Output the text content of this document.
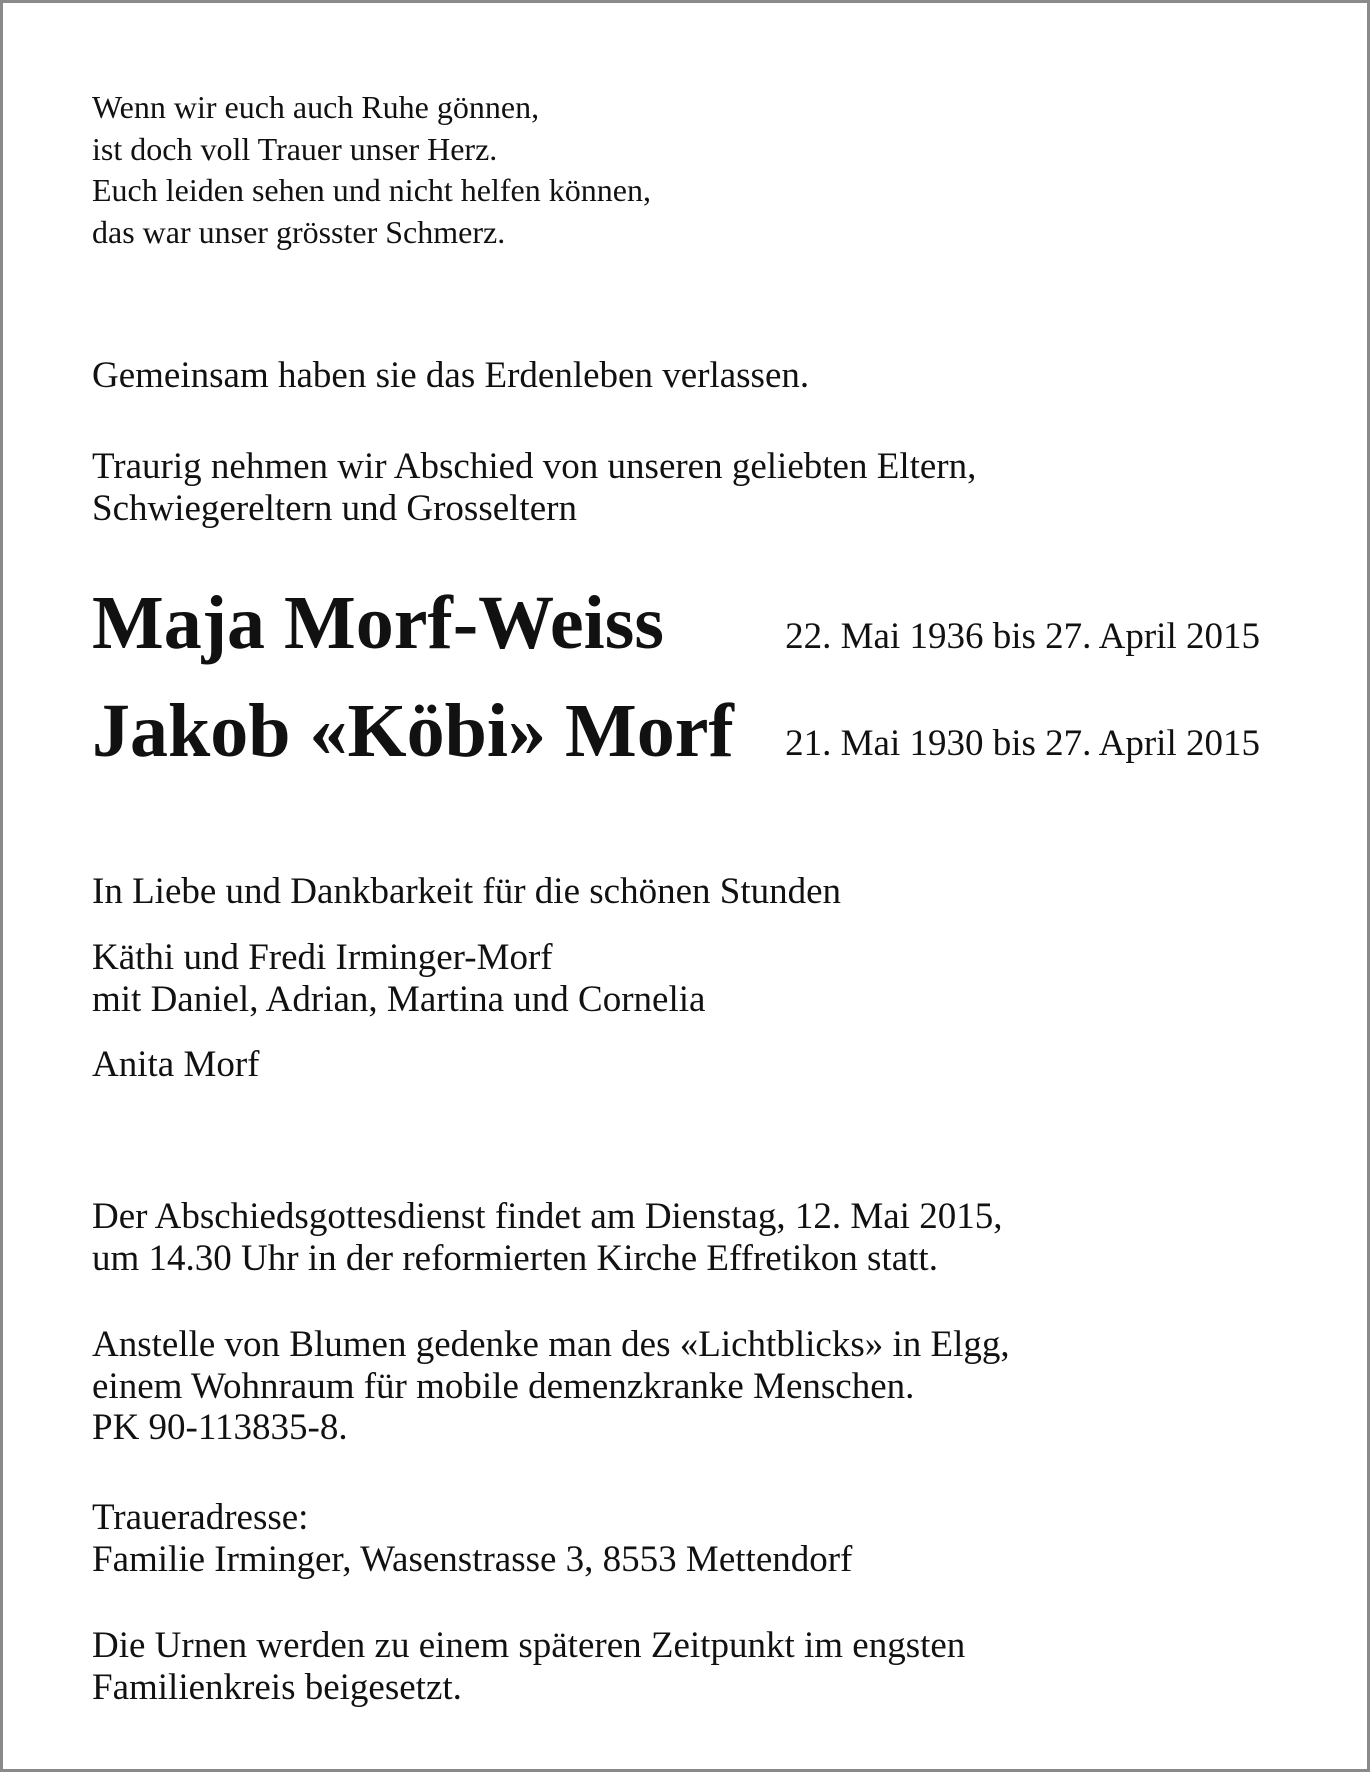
Wenn wir euch auch Ruhe gönnen,
ist doch voll Trauer unser Herz.
Euch leiden sehen und nicht helfen können,
das war unser grösster Schmerz.

Gemeinsam haben sie das Erdenleben verlassen.

Traurig nehmen wir Abschied von unseren geliebten Eltern,
Schwiegereltern und Grosseltern
Maja Morf-Weiss	22. Mai 1936 bis 27. April 2015

Jakob «Köbi» Morf 21. Mai 1930 bis 27. April 2015

In Liebe und Dankbarkeit für die schönen Stunden

Käthi und Fredi Irminger-Morf
mit Daniel, Adrian, Martina und Cornelia

Anita Morf

Der Abschiedsgottesdienst findet am Dienstag, 12. Mai 2015,
um 14.30 Uhr in der reformierten Kirche Effretikon statt.
Anstelle von Blumen gedenke man des «Lichtblicks» in Elgg,
einem Wohnraum für mobile demenzkranke Menschen.
PK 90-113835-8.
Traueradresse:
Familie Irminger, Wasenstrasse 3, 8553 Mettendorf
Die Urnen werden zu einem späteren Zeitpunkt im engsten
Familienkreis beigesetzt.
